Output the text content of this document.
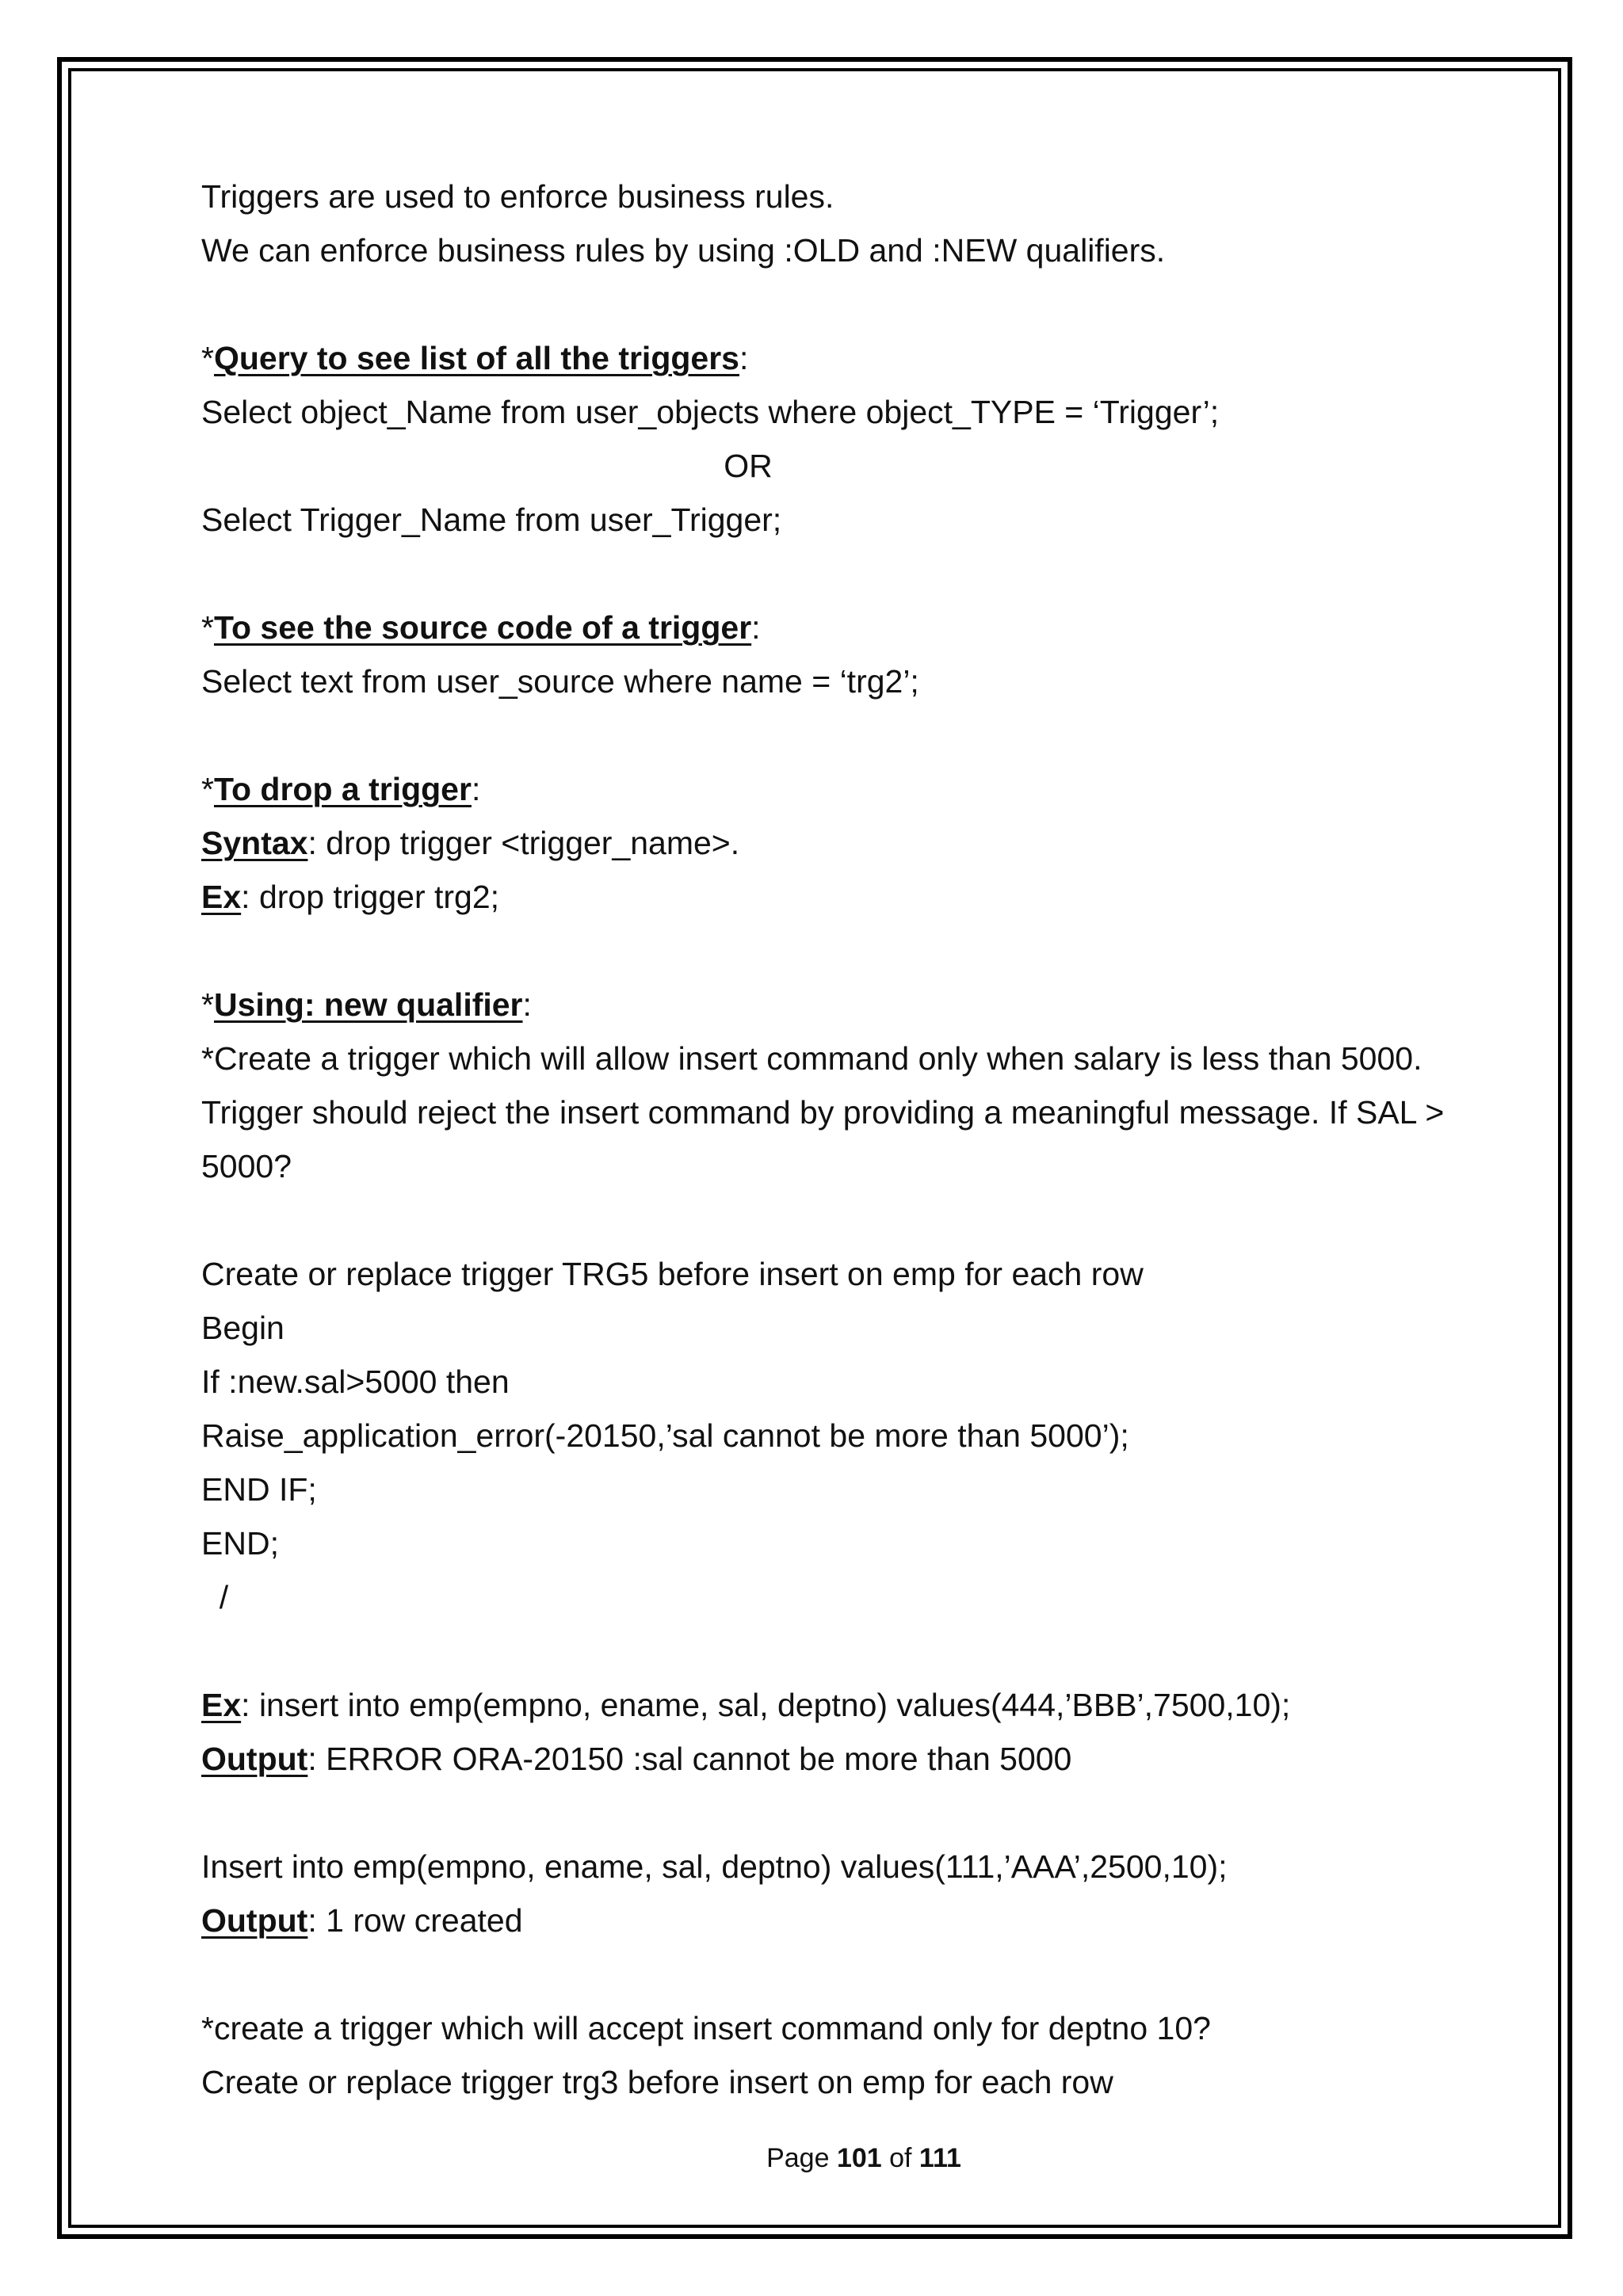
Triggers are used to enforce business rules.
We can enforce business rules by using :OLD and :NEW qualifiers.
*Query to see list of all the triggers:
Select object_Name from user_objects where object_TYPE = ‘Trigger’;
OR
Select Trigger_Name from user_Trigger;
*To see the source code of a trigger:
Select text from user_source where name = ‘trg2’;
*To drop a trigger:
Syntax: drop trigger <trigger_name>.
Ex: drop trigger trg2;
*Using: new qualifier:
*Create a trigger which will allow insert command only when salary is less than 5000.
Trigger should reject the insert command by providing a meaningful message. If SAL >
5000?
Create or replace trigger TRG5 before insert on emp for each row
Begin
If :new.sal>5000 then
Raise_application_error(-20150,’sal cannot be more than 5000’);
END IF;
END;
/
Ex: insert into emp(empno, ename, sal, deptno) values(444,’BBB’,7500,10);
Output: ERROR ORA-20150 :sal cannot be more than 5000
Insert into emp(empno, ename, sal, deptno) values(111,’AAA’,2500,10);
Output: 1 row created
*create a trigger which will accept insert command only for deptno 10?
Create or replace trigger trg3 before insert on emp for each row
Page 101 of 111
